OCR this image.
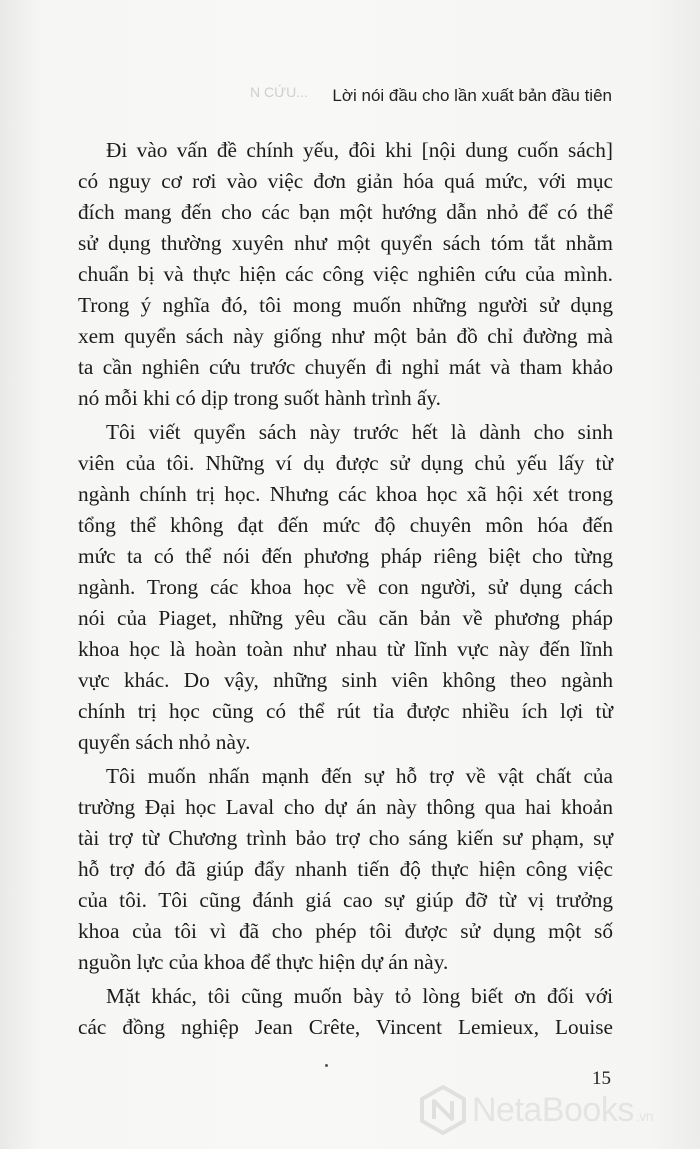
N CỨU... Lời nói đầu cho lần xuất bản đầu tiên
Đi vào vấn đề chính yếu, đôi khi [nội dung cuốn sách]
có nguy cơ rơi vào việc đơn giản hóa quá mức, với mục
đích mang đến cho các bạn một hướng dẫn nhỏ để có thể
sử dụng thường xuyên như một quyển sách tóm tắt nhằm
chuẩn bị và thực hiện các công việc nghiên cứu của mình.
Trong ý nghĩa đó, tôi mong muốn những người sử dụng
xem quyển sách này giống như một bản đồ chỉ đường mà
ta cần nghiên cứu trước chuyến đi nghỉ mát và tham khảo
nó mỗi khi có dịp trong suốt hành trình ấy.
Tôi viết quyển sách này trước hết là dành cho sinh
viên của tôi. Những ví dụ được sử dụng chủ yếu lấy từ
ngành chính trị học. Nhưng các khoa học xã hội xét trong
tổng thể không đạt đến mức độ chuyên môn hóa đến
mức ta có thể nói đến phương pháp riêng biệt cho từng
ngành. Trong các khoa học về con người, sử dụng cách
nói của Piaget, những yêu cầu căn bản về phương pháp
khoa học là hoàn toàn như nhau từ lĩnh vực này đến lĩnh
vực khác. Do vậy, những sinh viên không theo ngành
chính trị học cũng có thể rút tỉa được nhiều ích lợi từ
quyển sách nhỏ này.
Tôi muốn nhấn mạnh đến sự hỗ trợ về vật chất của
trường Đại học Laval cho dự án này thông qua hai khoản
tài trợ từ Chương trình bảo trợ cho sáng kiến sư phạm, sự
hỗ trợ đó đã giúp đẩy nhanh tiến độ thực hiện công việc
của tôi. Tôi cũng đánh giá cao sự giúp đỡ từ vị trưởng
khoa của tôi vì đã cho phép tôi được sử dụng một số
nguồn lực của khoa để thực hiện dự án này.
Mặt khác, tôi cũng muốn bày tỏ lòng biết ơn đối với
các đồng nghiệp Jean Crête, Vincent Lemieux, Louise
15
NetaBooks .vn
